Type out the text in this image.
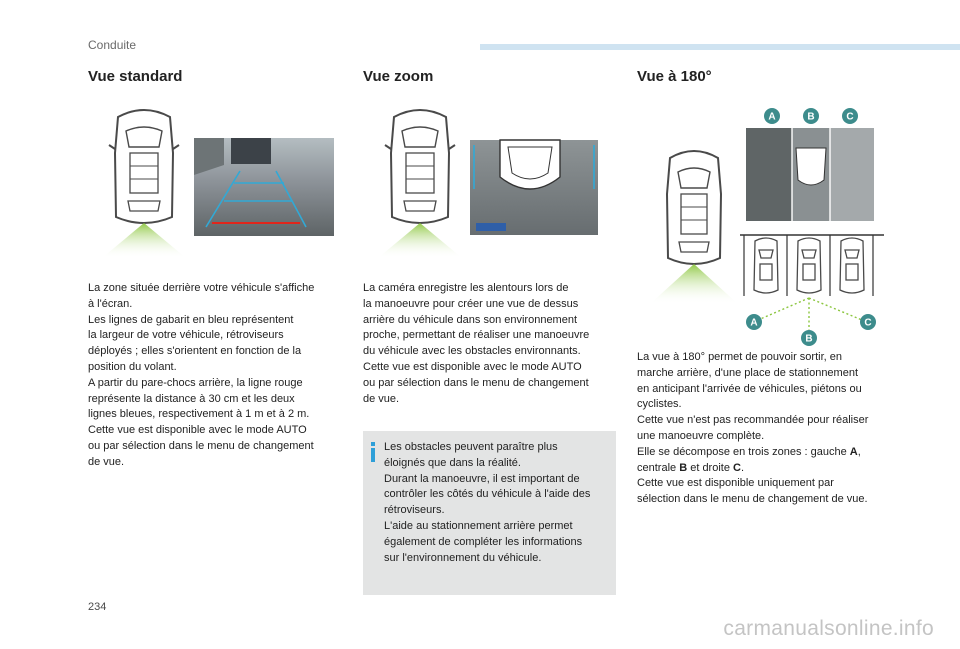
Conduite
Vue standard
La zone située derrière votre véhicule s'affiche
à l'écran.
Les lignes de gabarit en bleu représentent
la largeur de votre véhicule, rétroviseurs
déployés ; elles s'orientent en fonction de la
position du volant.
A partir du pare-chocs arrière, la ligne rouge
représente la distance à 30 cm et les deux
lignes bleues, respectivement à 1 m et à 2 m.
Cette vue est disponible avec le mode AUTO
ou par sélection dans le menu de changement
de vue.
Vue zoom
La caméra enregistre les alentours lors de
la manoeuvre pour créer une vue de dessus
arrière du véhicule dans son environnement
proche, permettant de réaliser une manoeuvre
du véhicule avec les obstacles environnants.
Cette vue est disponible avec le mode AUTO
ou par sélection dans le menu de changement
de vue.
Les obstacles peuvent paraître plus
éloignés que dans la réalité.
Durant la manoeuvre, il est important de
contrôler les côtés du véhicule à l'aide des
rétroviseurs.
L'aide au stationnement arrière permet
également de compléter les informations
sur l'environnement du véhicule.
Vue à 180°
A	B	C
A
B
C
La vue à 180° permet de pouvoir sortir, en
marche arrière, d'une place de stationnement
en anticipant l'arrivée de véhicules, piétons ou
cyclistes.
Cette vue n'est pas recommandée pour réaliser
une manoeuvre complète.
Elle se décompose en trois zones : gauche A,
centrale B et droite C.
Cette vue est disponible uniquement par
sélection dans le menu de changement de vue.
234
carmanualsonline.info
